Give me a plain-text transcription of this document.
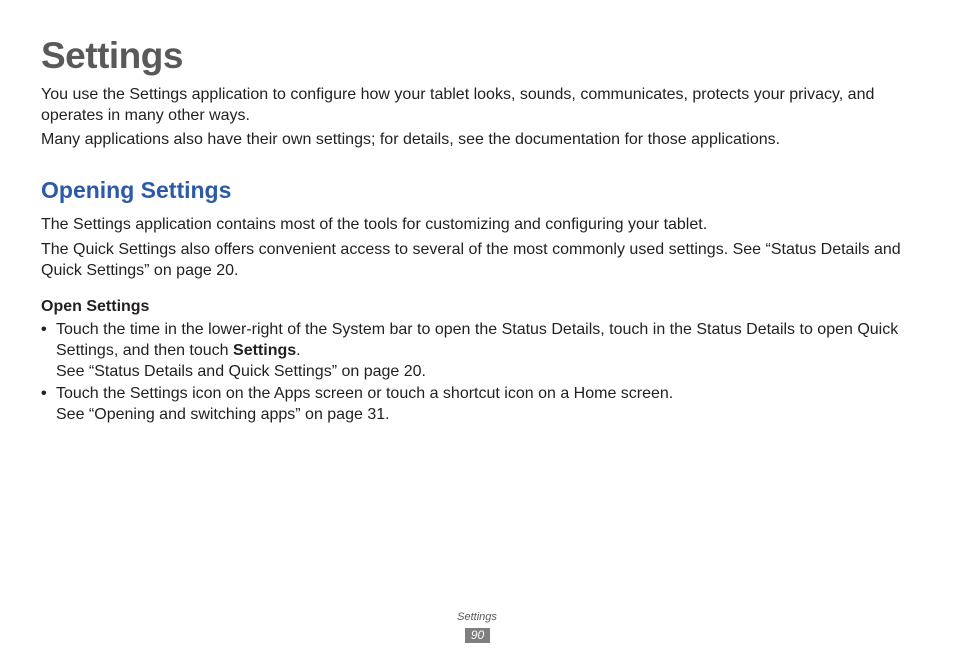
Settings

You use the Settings application to configure how your tablet looks, sounds, communicates, protects your privacy, and operates in many other ways.

Many applications also have their own settings; for details, see the documentation for those applications.

Opening Settings

The Settings application contains most of the tools for customizing and configuring your tablet.

The Quick Settings also offers convenient access to several of the most commonly used settings. See “Status Details and Quick Settings” on page 20.

Open Settings
• Touch the time in the lower-right of the System bar to open the Status Details, touch in the Status Details to open Quick Settings, and then touch Settings.
See “Status Details and Quick Settings” on page 20.
• Touch the Settings icon on the Apps screen or touch a shortcut icon on a Home screen.
See “Opening and switching apps” on page 31.
Settings
90
